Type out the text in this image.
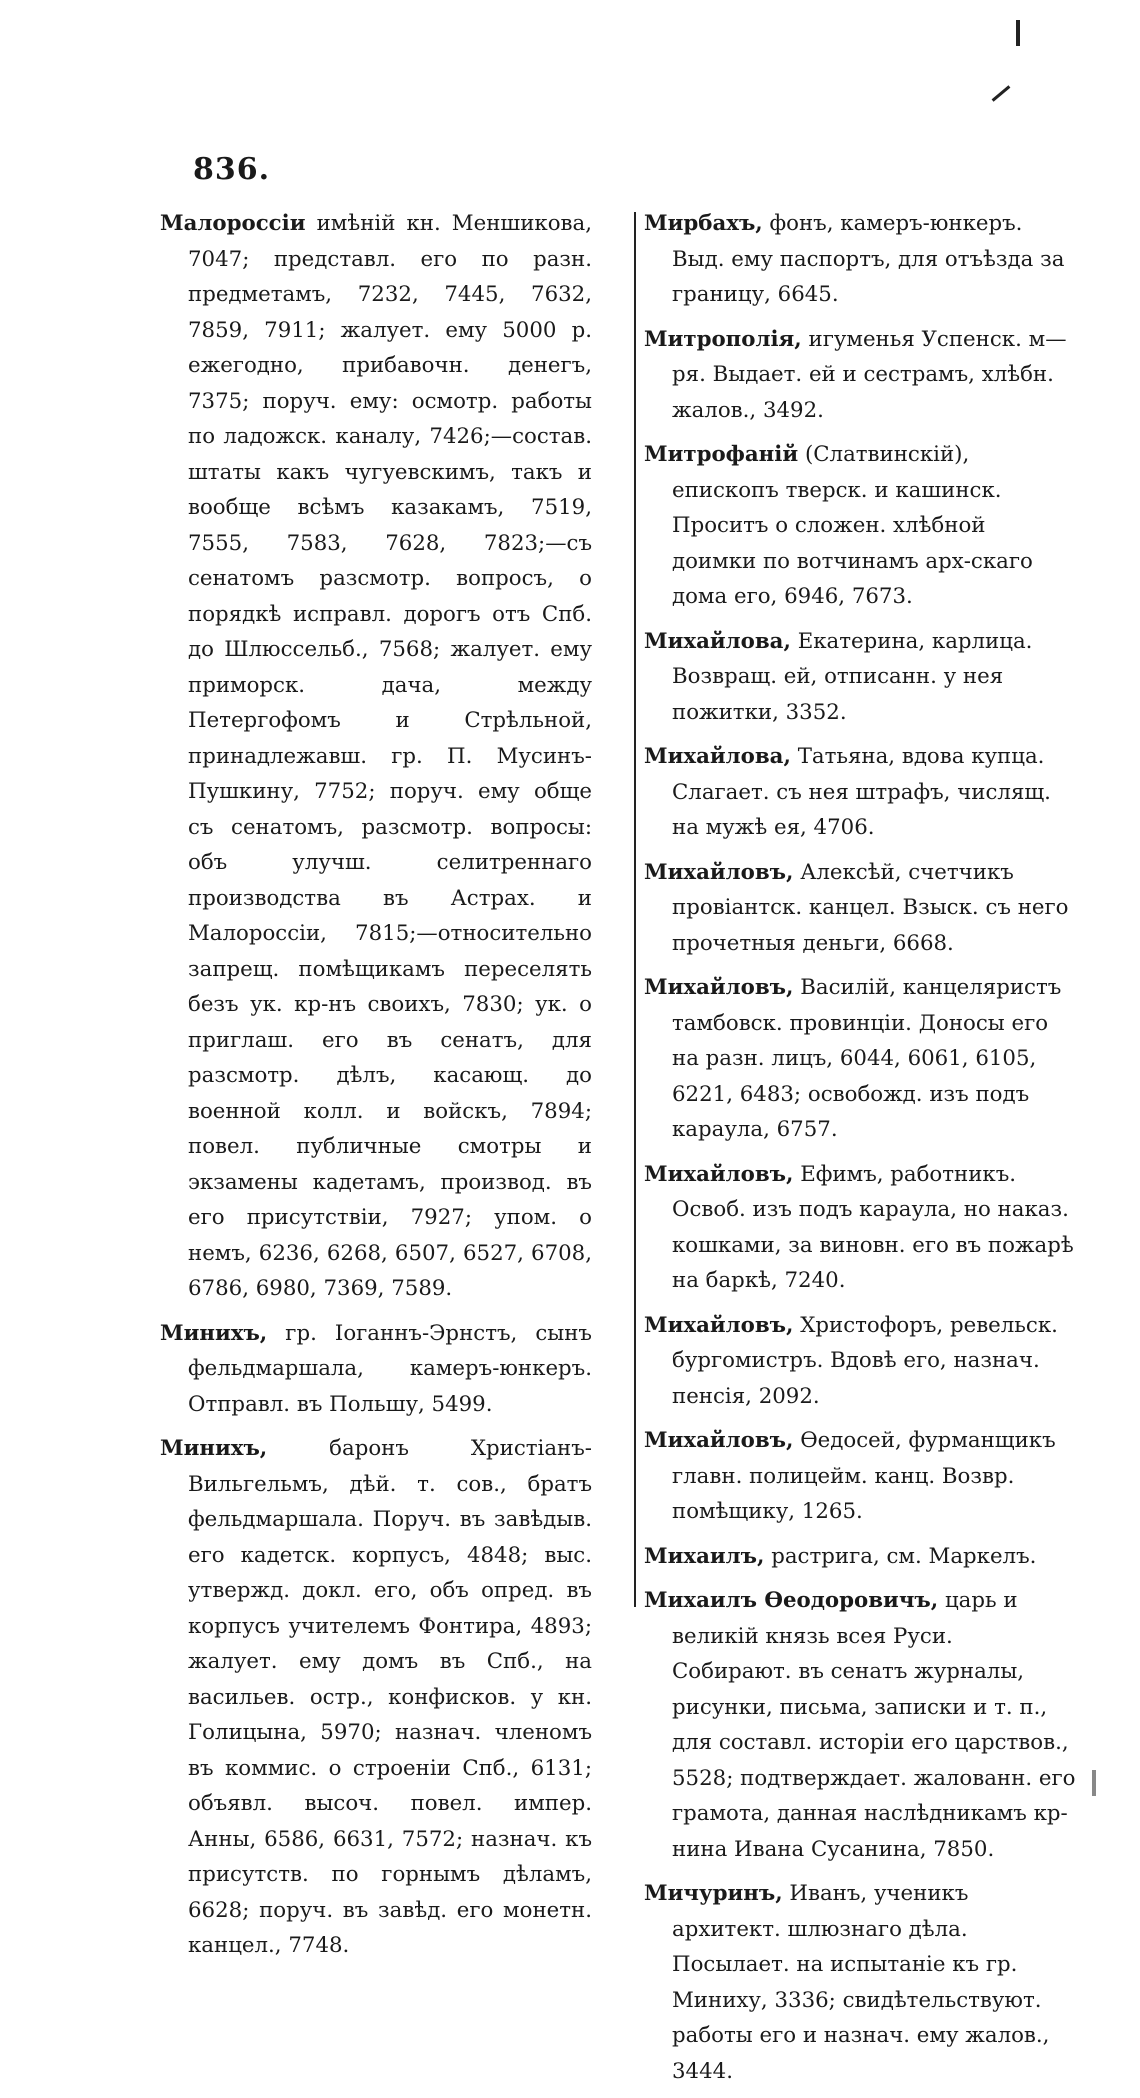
836.

Малороссіи имѣній кн. Меншикова, 7047; представл. его по разн. предметамъ, 7232, 7445, 7632, 7859, 7911; жалует. ему 5000 р. ежегодно, прибавочн. денегъ, 7375; поруч. ему: осмотр. работы по ладожск. каналу, 7426;—состав. штаты какъ чугуевскимъ, такъ и вообще всѣмъ казакамъ, 7519, 7555, 7583, 7628, 7823;—съ сенатомъ разсмотр. вопросъ, о порядкѣ исправл. дорогъ отъ Спб. до Шлюссельб., 7568; жалует. ему приморск. дача, между Петергофомъ и Стрѣльной, принадлежавш. гр. П. Мусинъ-Пушкину, 7752; поруч. ему обще съ сенатомъ, разсмотр. вопросы: объ улучш. селитреннаго производства въ Астрах. и Малороссіи, 7815;—относительно запрещ. помѣщикамъ переселять безъ ук. кр-нъ своихъ, 7830; ук. о приглаш. его въ сенатъ, для разсмотр. дѣлъ, касающ. до военной колл. и войскъ, 7894; повел. публичные смотры и экзамены кадетамъ, производ. въ его присутствіи, 7927; упом. о немъ, 6236, 6268, 6507, 6527, 6708, 6786, 6980, 7369, 7589.

Минихъ, гр. Іоганнъ-Эрнстъ, сынъ фельдмаршала, камеръ-юнкеръ. Отправл. въ Польшу, 5499.

Минихъ,	баронъ Христіанъ-Вильгельмъ, дѣй. т. сов., братъ фельдмаршала. Поруч. въ завѣдыв. его кадетск. корпусъ, 4848; выс. утвержд. докл. его, объ опред. въ корпусъ учителемъ Фонтира, 4893; жалует. ему домъ въ Спб., на васильев. остр., конфисков. у кн. Голицына, 5970; назнач. членомъ въ коммис. о строеніи Спб., 6131; объявл. высоч. повел. импер. Анны, 6586, 6631, 7572; назнач. къ присутств. по горнымъ дѣламъ, 6628; поруч. въ завѣд. его монетн. канцел., 7748.

Мирбахъ, фонъ, камеръ-юнкеръ. Выд. ему паспортъ, для отъѣзда за границу, 6645.

Митрополія, игуменья Успенск. м—ря. Выдает. ей и сестрамъ, хлѣбн. жалов., 3492.

Митрофаній (Слатвинскій), епископъ тверск. и кашинск. Проситъ о сложен. хлѣбной доимки по вотчинамъ арх-скаго дома его, 6946, 7673.

Михайлова, Екатерина, карлица. Возвращ. ей, отписанн. у нея пожитки, 3352.

Михайлова, Татьяна, вдова купца. Слагает. съ нея штрафъ, числящ. на мужѣ ея, 4706.

Михайловъ, Алексѣй, счетчикъ провіантск. канцел. Взыск. съ него прочетныя деньги, 6668.

Михайловъ, Василій, канцеляристъ тамбовск. провинціи. Доносы его на разн. лицъ, 6044, 6061, 6105, 6221, 6483; освобожд. изъ подъ караула, 6757.

Михайловъ, Ефимъ, работникъ. Освоб. изъ подъ караула, но наказ. кошками, за виновн. его въ пожарѣ на баркѣ, 7240.

Михайловъ, Христофоръ, ревельск. бургомистръ. Вдовѣ его, назнач. пенсія, 2092.

Михайловъ, Ѳедосей, фурманщикъ главн. полицейм. канц. Возвр. помѣщику, 1265.

Михаилъ, растрига, см. Маркелъ.

Михаилъ Ѳеодоровичъ, царь и великій князь всея Руси. Собирают. въ сенатъ журналы, рисунки, письма, записки и т. п., для составл. исторіи его царствов., 5528; подтверждает. жалованн. его грамота, данная наслѣдникамъ кр-нина Ивана Сусанина, 7850.

Мичуринъ, Иванъ, ученикъ архитект. шлюзнаго дѣла. Посылает. на испытаніе къ гр. Миниху, 3336; свидѣтельствуют. работы его и назнач. ему жалов., 3444.
